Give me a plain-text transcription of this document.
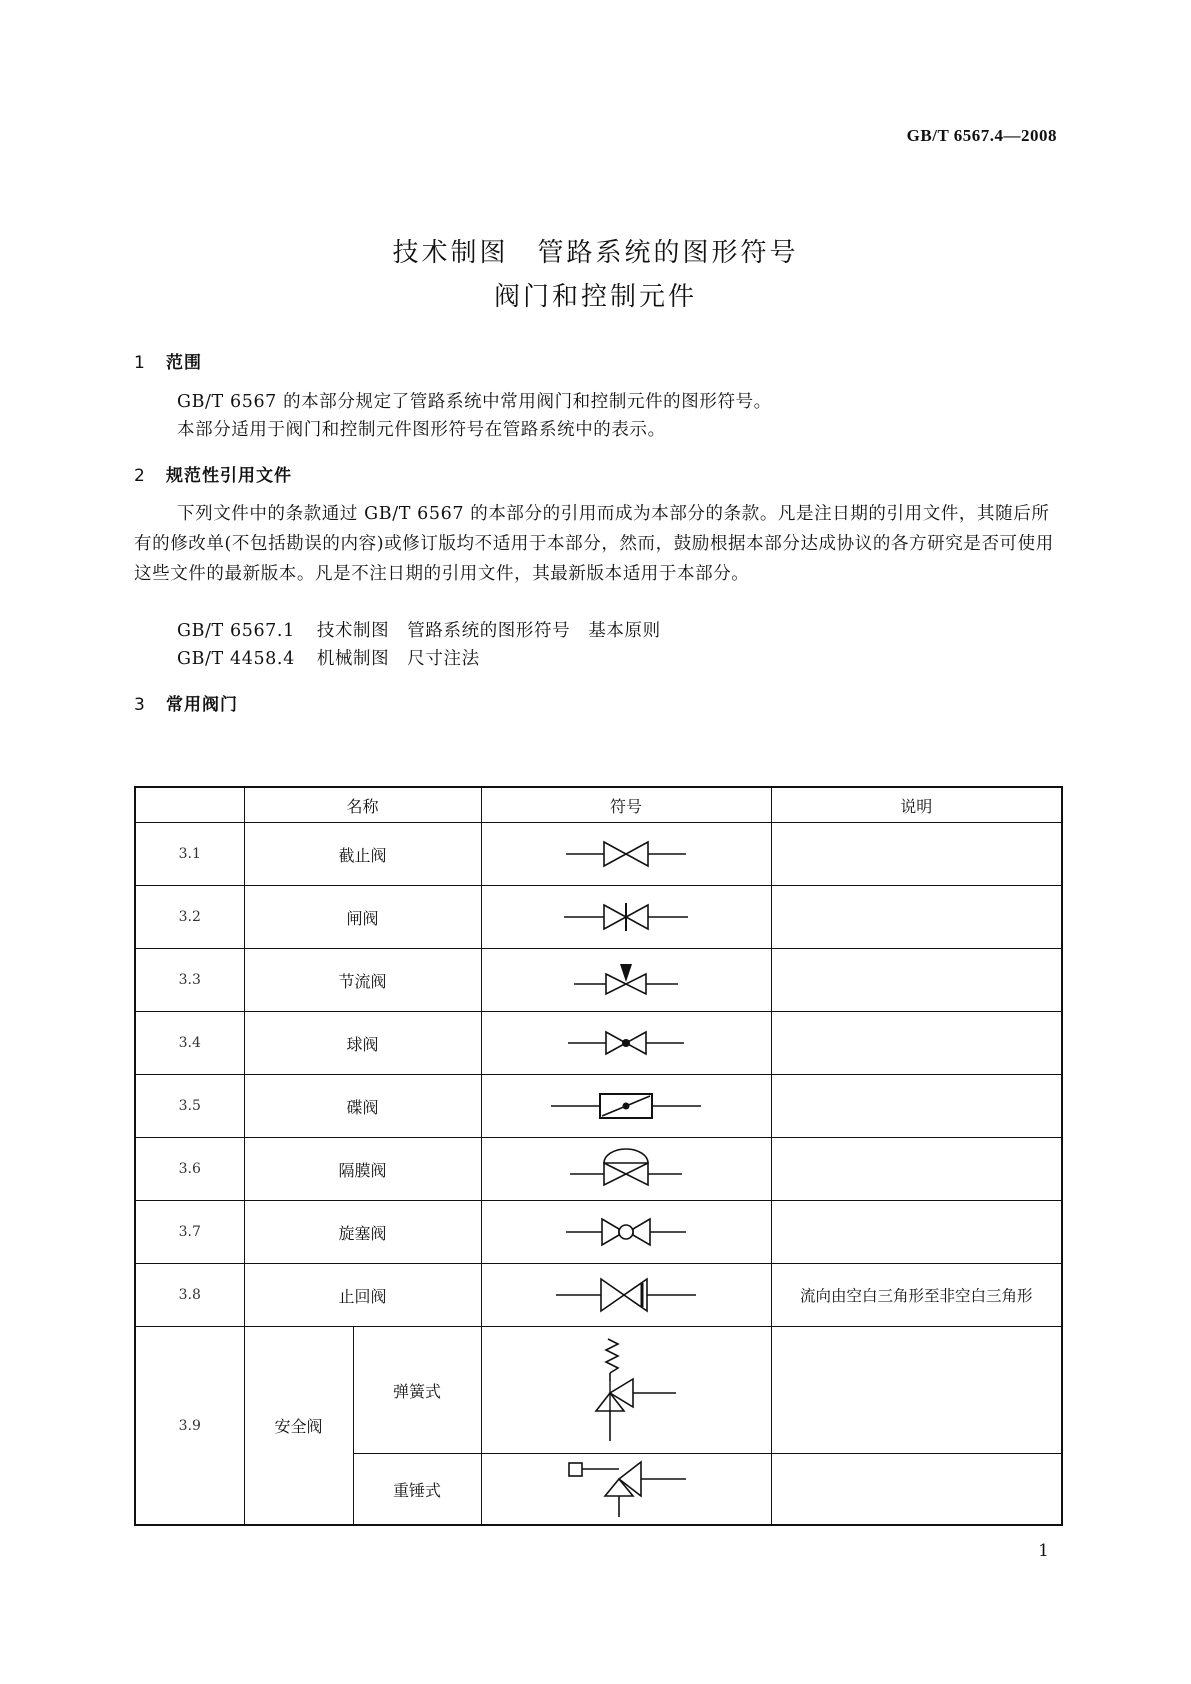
GB/T 6567.4—2008
技术制图　管路系统的图形符号
阀门和控制元件
1 范围
GB/T 6567 的本部分规定了管路系统中常用阀门和控制元件的图形符号。
本部分适用于阀门和控制元件图形符号在管路系统中的表示。
2 规范性引用文件
下列文件中的条款通过 GB/T 6567 的本部分的引用而成为本部分的条款。凡是注日期的引用文件，其随后所有的修改单(不包括勘误的内容)或修订版均不适用于本部分，然而，鼓励根据本部分达成协议的各方研究是否可使用这些文件的最新版本。凡是不注日期的引用文件，其最新版本适用于本部分。
GB/T 6567.1 技术制图　管路系统的图形符号　基本原则
GB/T 4458.4 机械制图　尺寸注法
3 常用阀门
	名称		符号	说明
3.1	截止阀	

3.2	闸阀	

3.3	节流阀	

3.4	球阀	

3.5	碟阀	

3.6	隔膜阀	

3.7	旋塞阀	

3.8	止回阀			流向由空白三角形至非空白三角形
3.9	安全阀	弹簧式	

		重锤式	

1
